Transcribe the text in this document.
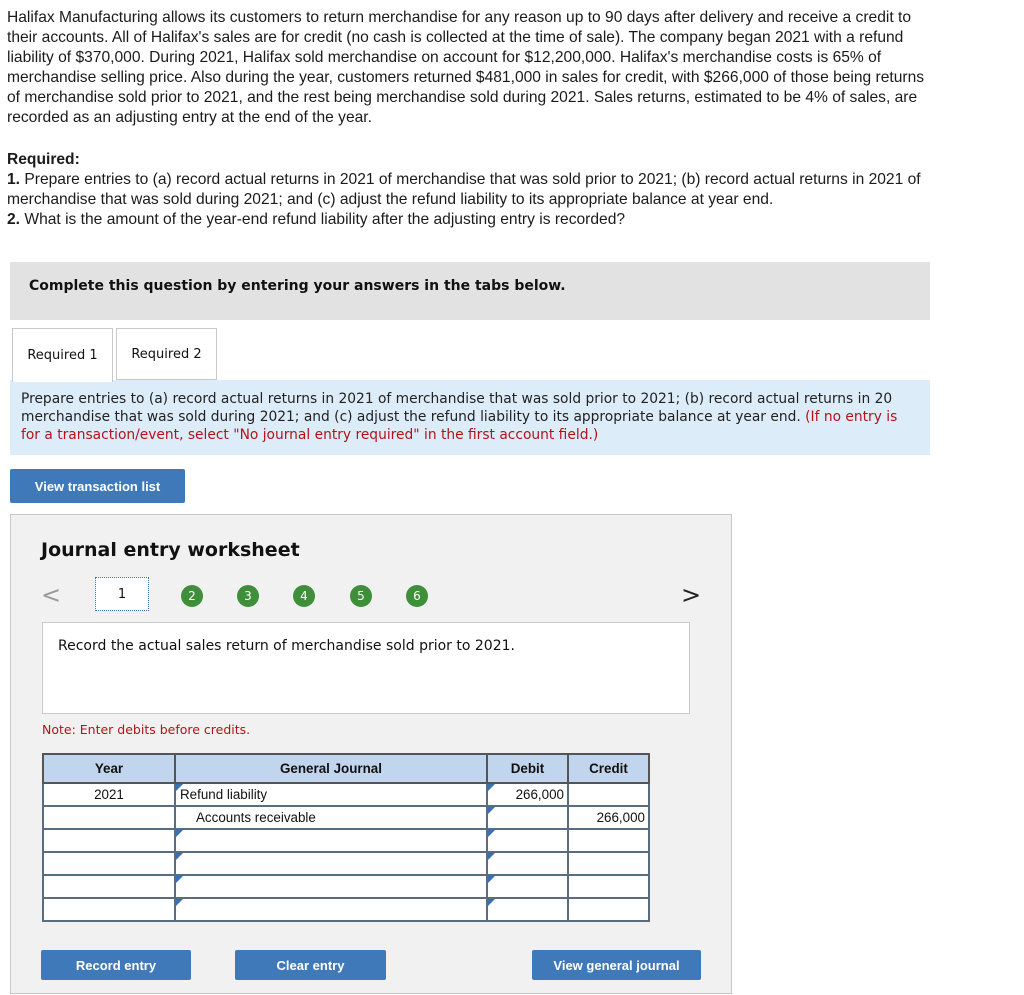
Halifax Manufacturing allows its customers to return merchandise for any reason up to 90 days after delivery and receive a credit to their accounts. All of Halifax's sales are for credit (no cash is collected at the time of sale). The company began 2021 with a refund liability of $370,000. During 2021, Halifax sold merchandise on account for $12,200,000. Halifax's merchandise costs is 65% of merchandise selling price. Also during the year, customers returned $481,000 in sales for credit, with $266,000 of those being returns of merchandise sold prior to 2021, and the rest being merchandise sold during 2021. Sales returns, estimated to be 4% of sales, are recorded as an adjusting entry at the end of the year.

Required:

1. Prepare entries to (a) record actual returns in 2021 of merchandise that was sold prior to 2021; (b) record actual returns in 2021 of merchandise that was sold during 2021; and (c) adjust the refund liability to its appropriate balance at year end.

2. What is the amount of the year-end refund liability after the adjusting entry is recorded?

Complete this question by entering your answers in the tabs below.
Required 1	Required 2
Prepare entries to (a) record actual returns in 2021 of merchandise that was sold prior to 2021; (b) record actual returns in 20
merchandise that was sold during 2021; and (c) adjust the refund liability to its appropriate balance at year end. (If no entry is
for a transaction/event, select "No journal entry required" in the first account field.)
View transaction list
Journal entry worksheet
<	1	2	3	4	5	6	>
Record the actual sales return of merchandise sold prior to 2021.
Note: Enter debits before credits.
Year	General Journal	Debit	Credit
2021	Refund liability	266,000	
	Accounts receivable		266,000

Record entry	Clear entry	View general journal
